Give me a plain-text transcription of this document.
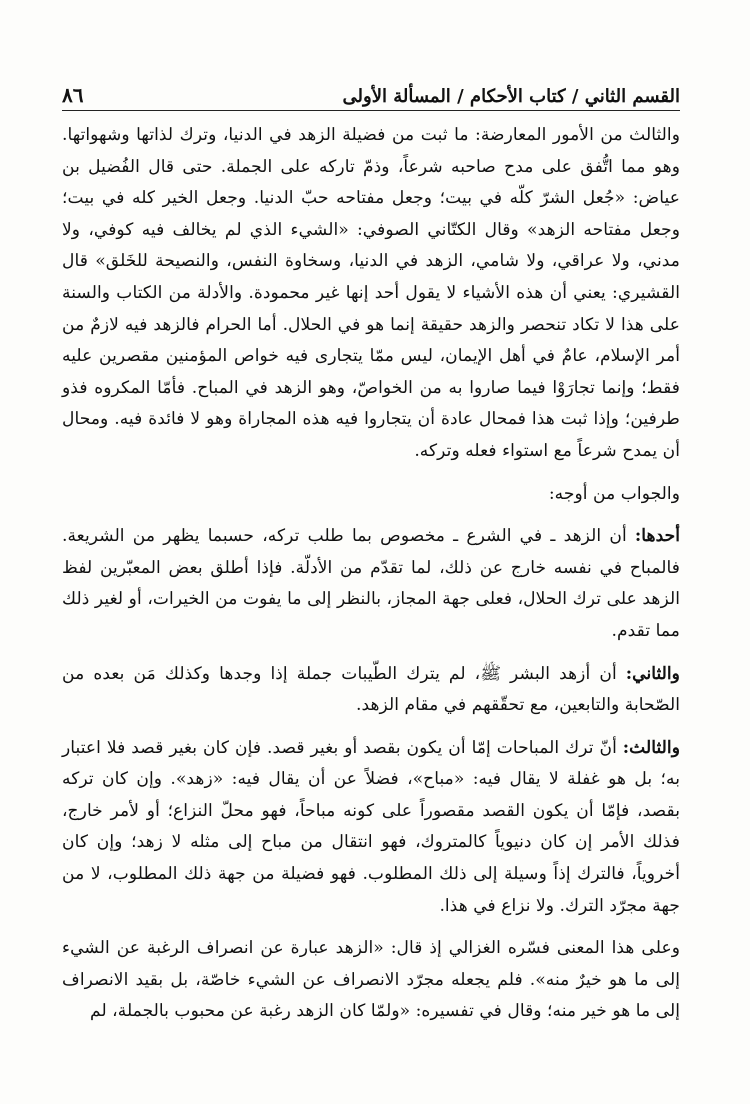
القسم الثاني / كتاب الأحكام / المسألة الأولى
٨٦

والثالث من الأمور المعارضة: ما ثبت من فضيلة الزهد في الدنيا، وترك لذاتها وشهواتها. وهو مما اتُّفق على مدح صاحبه شرعاً، وذمّ تاركه على الجملة. حتى قال الفُضيل بن عياض: «جُعل الشرّ كلّه في بيت؛ وجعل مفتاحه حبّ الدنيا. وجعل الخير كله في بيت؛ وجعل مفتاحه الزهد» وقال الكتّاني الصوفي: «الشيء الذي لم يخالف فيه كوفي، ولا مدني، ولا عراقي، ولا شامي، الزهد في الدنيا، وسخاوة النفس، والنصيحة للخَلق» قال القشيري: يعني أن هذه الأشياء لا يقول أحد إنها غير محمودة. والأدلة من الكتاب والسنة على هذا لا تكاد تنحصر والزهد حقيقة إنما هو في الحلال. أما الحرام فالزهد فيه لازمٌ من أمر الإسلام، عامٌ في أهل الإيمان، ليس ممّا يتجارى فيه خواص المؤمنين مقصرين عليه فقط؛ وإنما تجارَوْا فيما صاروا به من الخواصّ، وهو الزهد في المباح. فأمّا المكروه فذو طرفين؛ وإذا ثبت هذا فمحال عادة أن يتجاروا فيه هذه المجاراة وهو لا فائدة فيه. ومحال أن يمدح شرعاً مع استواء فعله وتركه.

والجواب من أوجه:

أحدها: أن الزهد ـ في الشرع ـ مخصوص بما طلب تركه، حسبما يظهر من الشريعة. فالمباح في نفسه خارج عن ذلك، لما تقدّم من الأدلّة. فإذا أطلق بعض المعبّرين لفظ الزهد على ترك الحلال، فعلى جهة المجاز، بالنظر إلى ما يفوت من الخيرات، أو لغير ذلك مما تقدم.

والثاني: أن أزهد البشر ﷺ، لم يترك الطّيبات جملة إذا وجدها وكذلك مَن بعده من الصّحابة والتابعين، مع تحقّقهم في مقام الزهد.

والثالث: أنّ ترك المباحات إمّا أن يكون بقصد أو بغير قصد. فإن كان بغير قصد فلا اعتبار به؛ بل هو غفلة لا يقال فيه: «مباح»، فضلاً عن أن يقال فيه: «زهد». وإن كان تركه بقصد، فإمّا أن يكون القصد مقصوراً على كونه مباحاً، فهو محلّ النزاع؛ أو لأمر خارج، فذلك الأمر إن كان دنيوياً كالمتروك، فهو انتقال من مباح إلى مثله لا زهد؛ وإن كان أخروياً، فالترك إذاً وسيلة إلى ذلك المطلوب. فهو فضيلة من جهة ذلك المطلوب، لا من جهة مجرّد الترك. ولا نزاع في هذا.

وعلى هذا المعنى فسّره الغزالي إذ قال: «الزهد عبارة عن انصراف الرغبة عن الشيء إلى ما هو خيرٌ منه». فلم يجعله مجرّد الانصراف عن الشيء خاصّة، بل بقيد الانصراف إلى ما هو خير منه؛ وقال في تفسيره: «ولمّا كان الزهد رغبة عن محبوب بالجملة، لم
